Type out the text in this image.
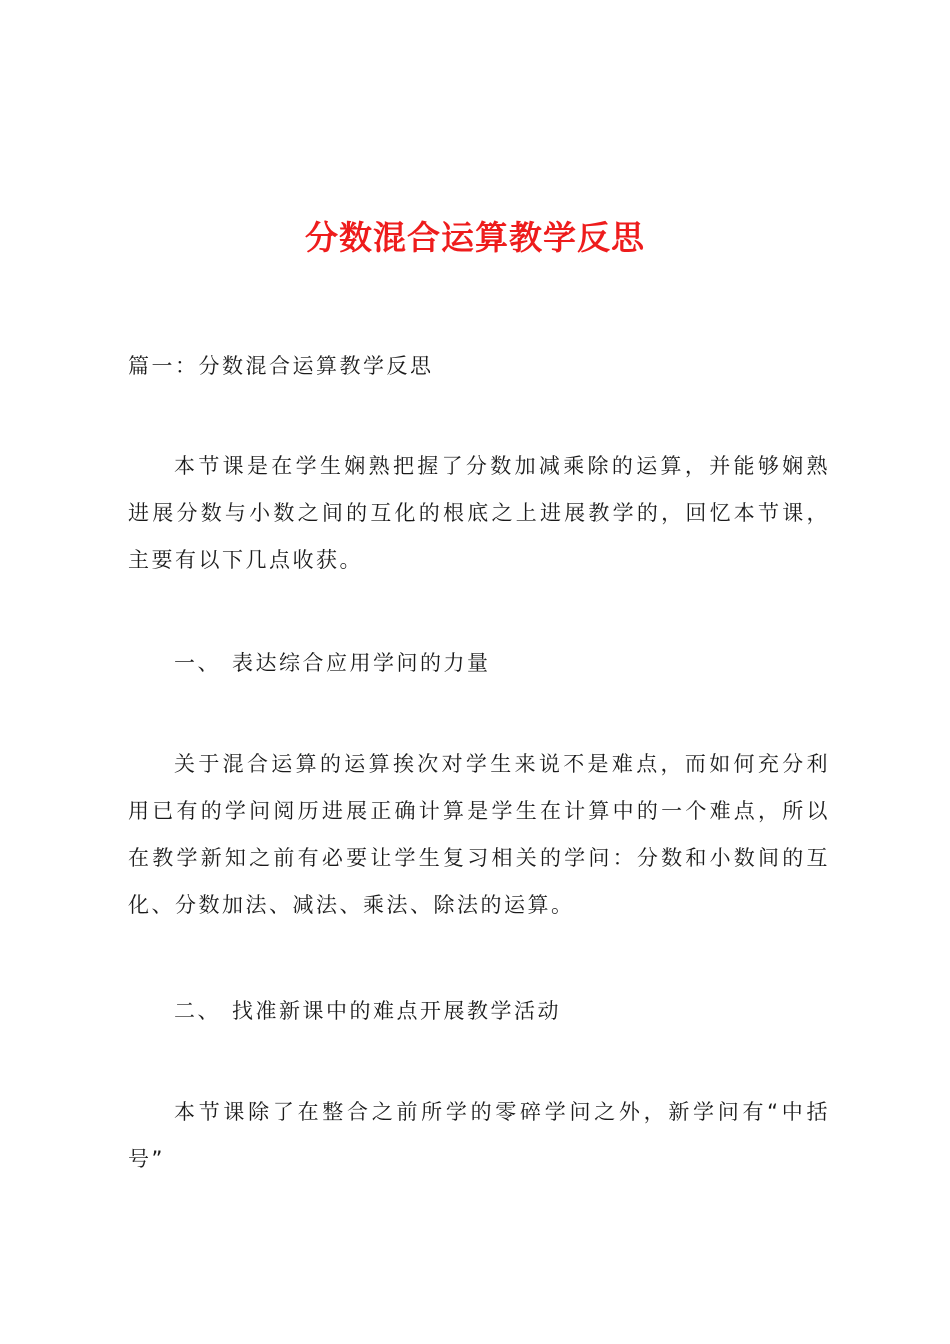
分数混合运算教学反思

篇一：分数混合运算教学反思

本节课是在学生娴熟把握了分数加减乘除的运算，并能够娴熟进展分数与小数之间的互化的根底之上进展教学的，回忆本节课，主要有以下几点收获。

一、 表达综合应用学问的力量

关于混合运算的运算挨次对学生来说不是难点，而如何充分利用已有的学问阅历进展正确计算是学生在计算中的一个难点，所以在教学新知之前有必要让学生复习相关的学问：分数和小数间的互化、分数加法、减法、乘法、除法的运算。

二、 找准新课中的难点开展教学活动

本节课除了在整合之前所学的零碎学问之外，新学问有“中括号”
